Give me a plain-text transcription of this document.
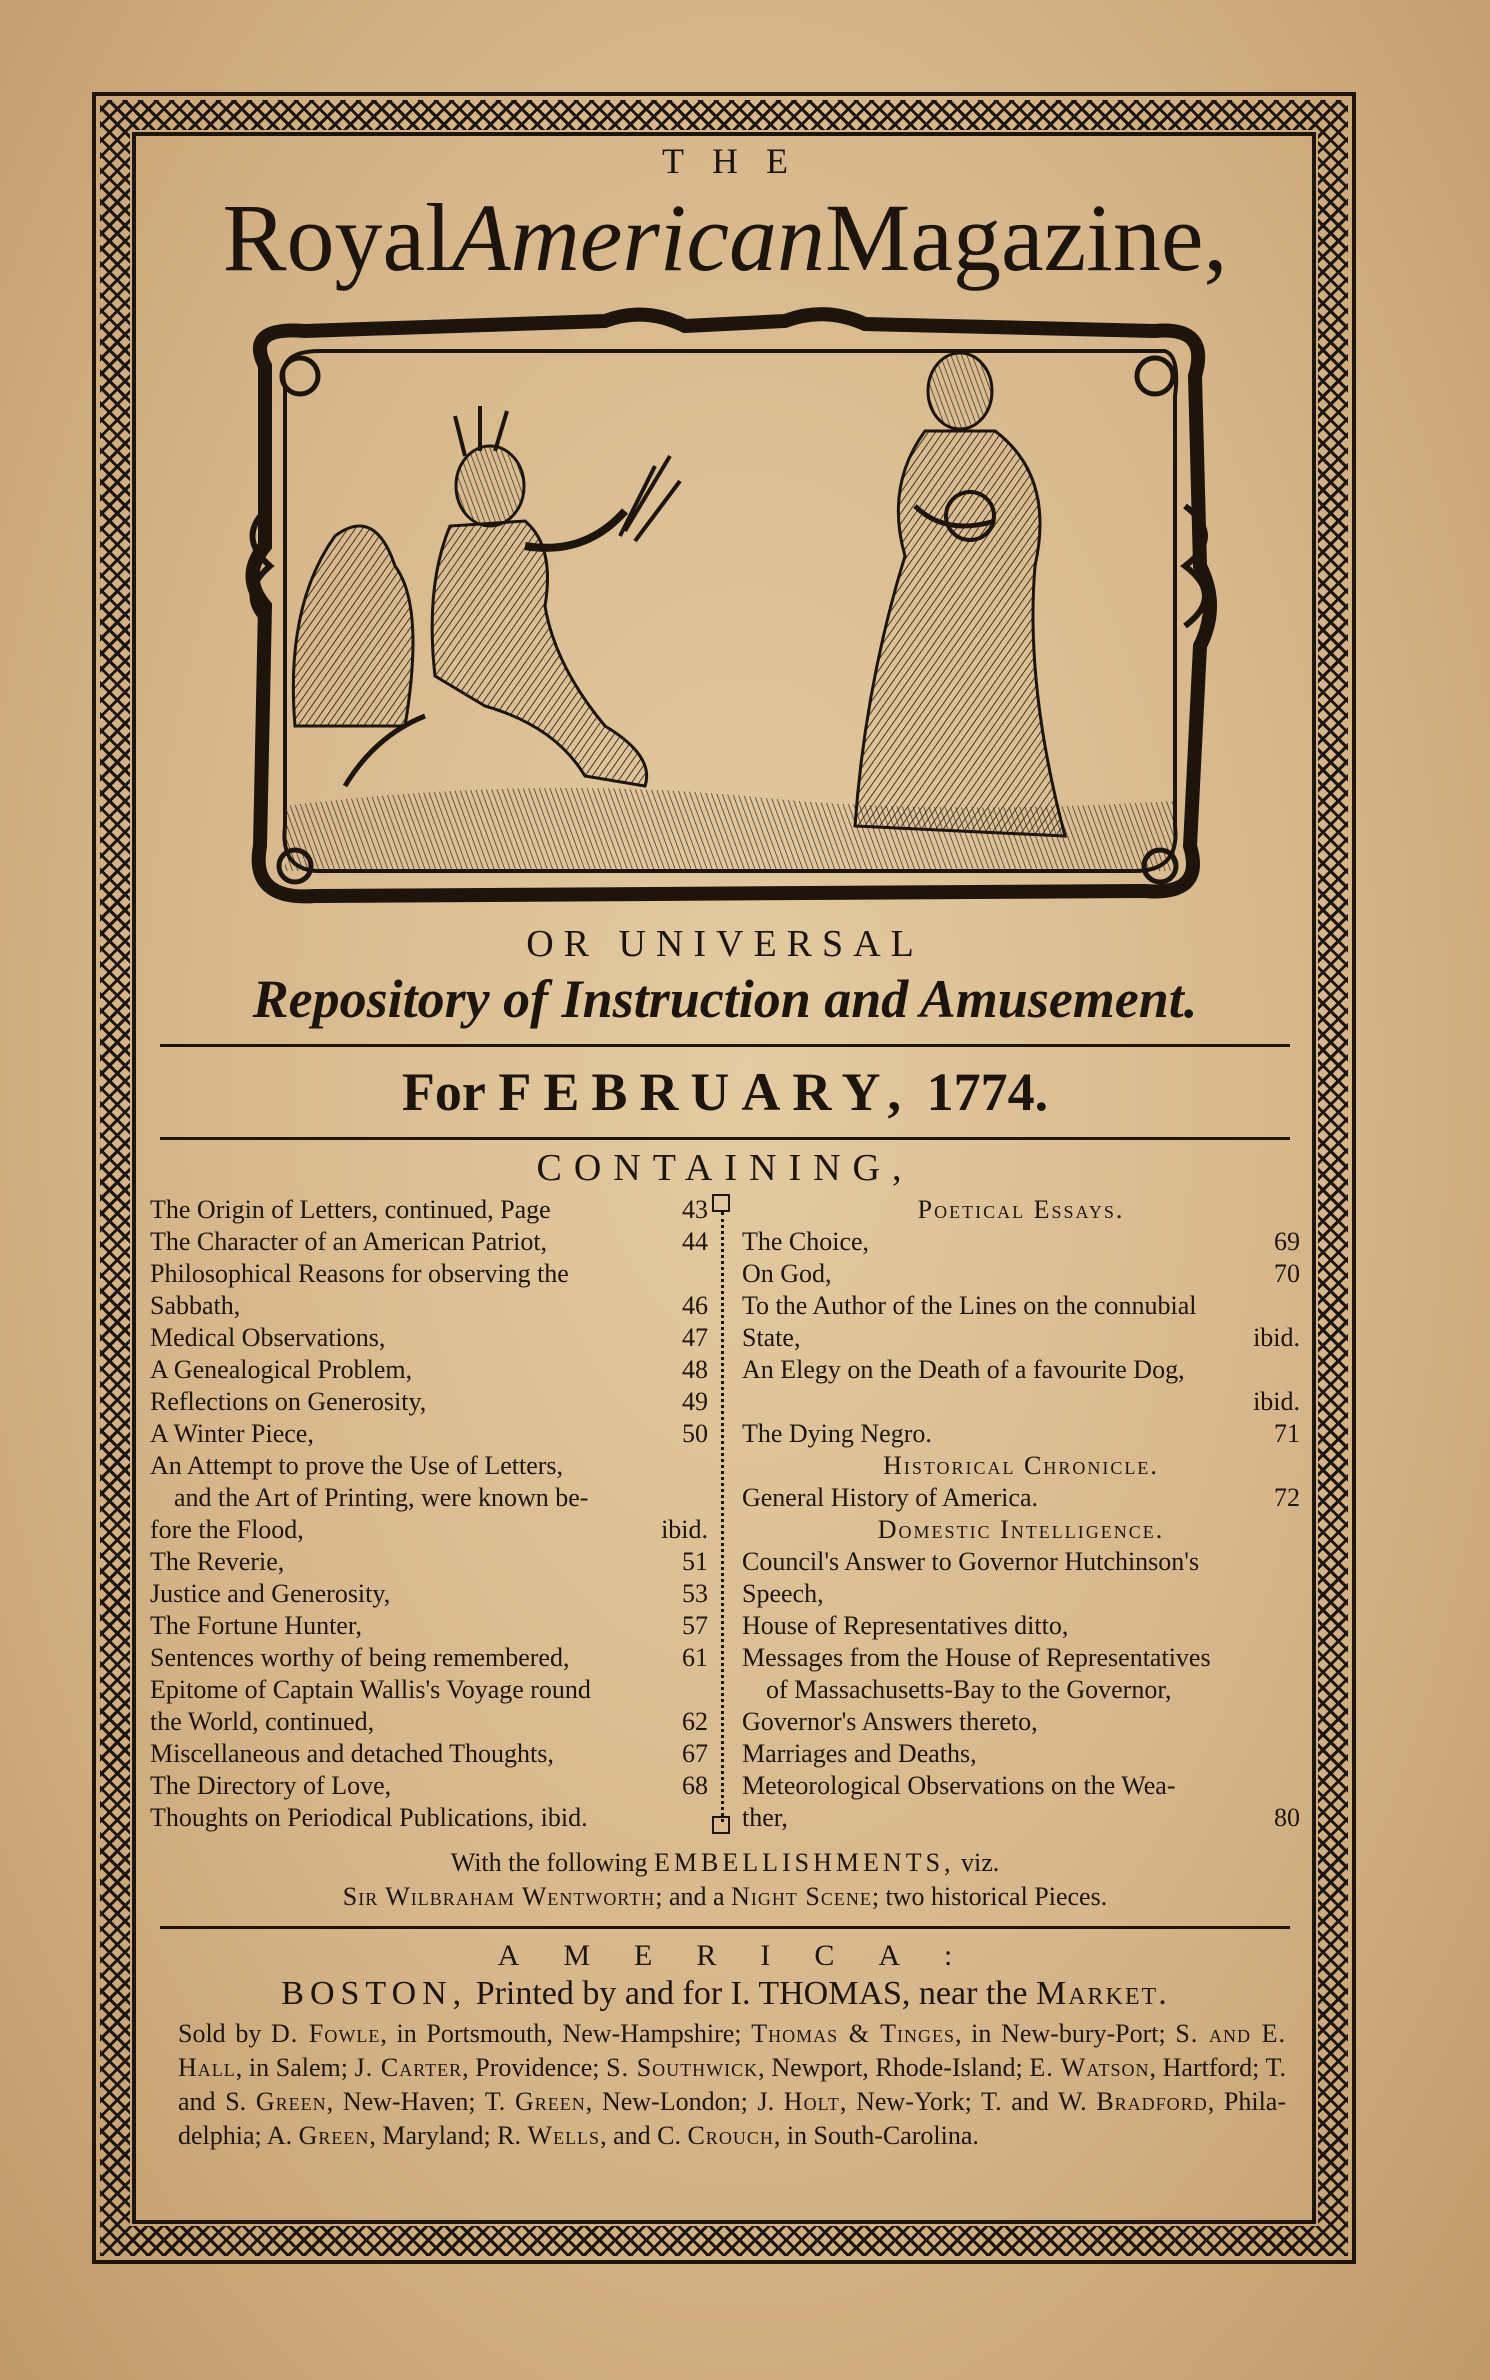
THE
RoyalAmericanMagazine,
OR UNIVERSAL
Repository of Instruction and Amusement.
For FEBRUARY, 1774.
CONTAINING,
The Origin of Letters, continued, Page	43
The Character of an American Patriot,	44
Philosophical Reasons for observing the
Sabbath,	46
Medical Observations,	47
A Genealogical Problem,	48
Reflections on Generosity,	49
A Winter Piece,	50
An Attempt to prove the Use of Letters,
and the Art of Printing, were known be-
fore the Flood,	ibid.
The Reverie,	51
Justice and Generosity,	53
The Fortune Hunter,	57
Sentences worthy of being remembered,	61
Epitome of Captain Wallis's Voyage round
the World, continued,	62
Miscellaneous and detached Thoughts,	67
The Directory of Love,	68
Thoughts on Periodical Publications, ibid.
Poetical Essays.
The Choice,	69
On God,	70
To the Author of the Lines on the connubial
State,	ibid.
An Elegy on the Death of a favourite Dog,
ibid.
The Dying Negro.	71
Historical Chronicle.
General History of America.	72
Domestic Intelligence.
Council's Answer to Governor Hutchinson's
Speech,
House of Representatives ditto,
Messages from the House of Representatives
of Massachusetts-Bay to the Governor,
Governor's Answers thereto,
Marriages and Deaths,
Meteorological Observations on the Wea-
ther,	80
With the following EMBELLISHMENTS, viz.
Sir Wilbraham Wentworth; and a Night Scene; two historical Pieces.
AMERICA:
BOSTON, Printed by and for I. THOMAS, near the Market.
Sold by D. Fowle, in Portsmouth, New-Hampshire; Thomas & Tinges, in New-bury-Port; S. and E. Hall, in Salem; J. Carter, Providence; S. Southwick, Newport, Rhode-Island; E. Watson, Hartford; T. and S. Green, New-Haven; T. Green, New-London; J. Holt, New-York; T. and W. Bradford, Phila-delphia; A. Green, Maryland; R. Wells, and C. Crouch, in South-Carolina.
